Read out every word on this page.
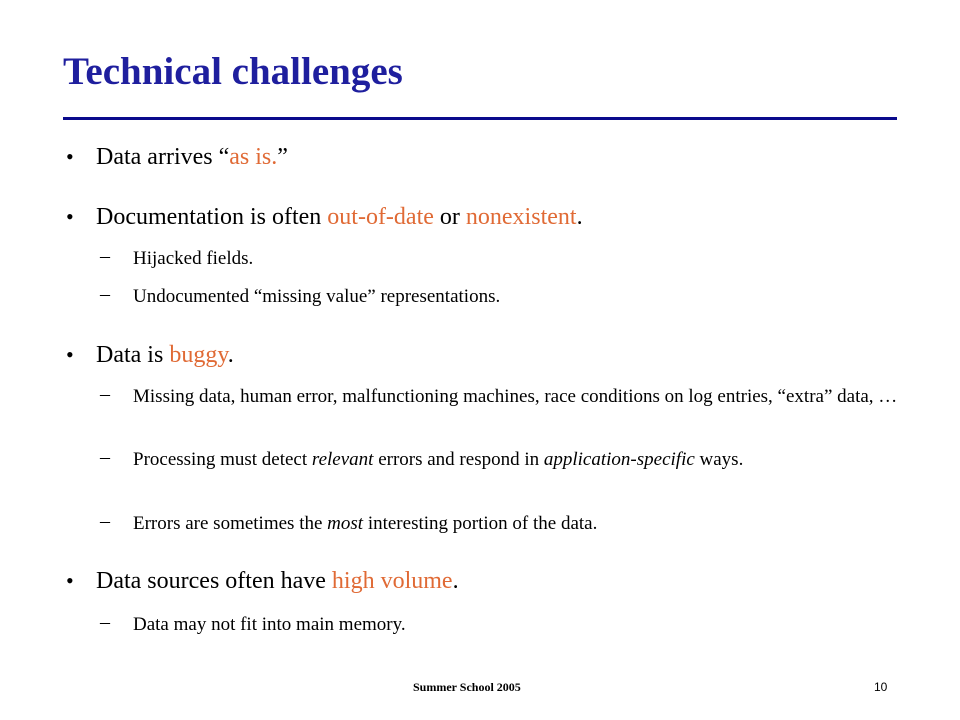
Technical challenges
• Data arrives “as is.”
• Documentation is often out-of-date or nonexistent.
– Hijacked fields.
– Undocumented “missing value” representations.
• Data is buggy.
– Missing data, human error, malfunctioning machines, race conditions on log entries, “extra” data, …
– Processing must detect relevant errors and respond in application-specific ways.
– Errors are sometimes the most interesting portion of the data.
• Data sources often have high volume.
– Data may not fit into main memory.
Summer School 2005	10
